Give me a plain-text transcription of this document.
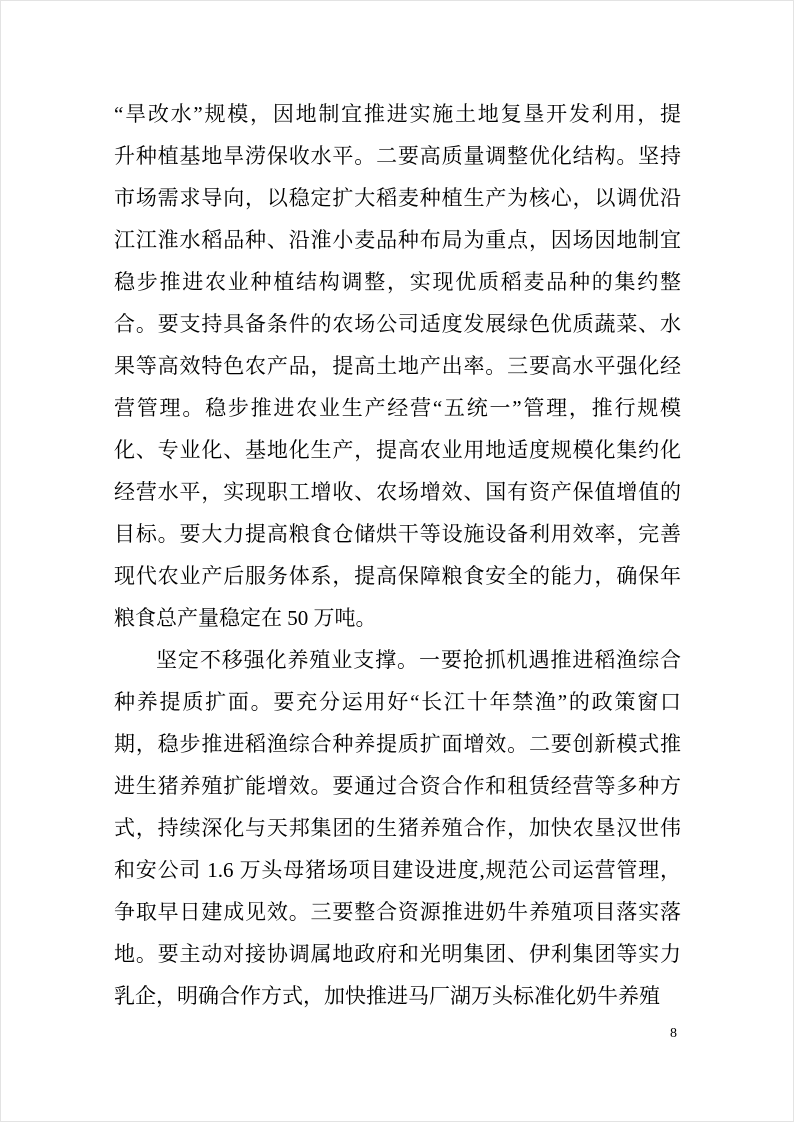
“旱改水”规模，因地制宜推进实施土地复垦开发利用，提
升种植基地旱涝保收水平。二要高质量调整优化结构。坚持
市场需求导向，以稳定扩大稻麦种植生产为核心，以调优沿
江江淮水稻品种、沿淮小麦品种布局为重点，因场因地制宜
稳步推进农业种植结构调整，实现优质稻麦品种的集约整
合。要支持具备条件的农场公司适度发展绿色优质蔬菜、水
果等高效特色农产品，提高土地产出率。三要高水平强化经
营管理。稳步推进农业生产经营“五统一”管理，推行规模
化、专业化、基地化生产，提高农业用地适度规模化集约化
经营水平，实现职工增收、农场增效、国有资产保值增值的
目标。要大力提高粮食仓储烘干等设施设备利用效率，完善
现代农业产后服务体系，提高保障粮食安全的能力，确保年
粮食总产量稳定在 50 万吨。
坚定不移强化养殖业支撑。一要抢抓机遇推进稻渔综合
种养提质扩面。要充分运用好“长江十年禁渔”的政策窗口
期，稳步推进稻渔综合种养提质扩面增效。二要创新模式推
进生猪养殖扩能增效。要通过合资合作和租赁经营等多种方
式，持续深化与天邦集团的生猪养殖合作，加快农垦汉世伟
和安公司 1.6 万头母猪场项目建设进度,规范公司运营管理，
争取早日建成见效。三要整合资源推进奶牛养殖项目落实落
地。要主动对接协调属地政府和光明集团、伊利集团等实力
乳企，明确合作方式，加快推进马厂湖万头标准化奶牛养殖
8
